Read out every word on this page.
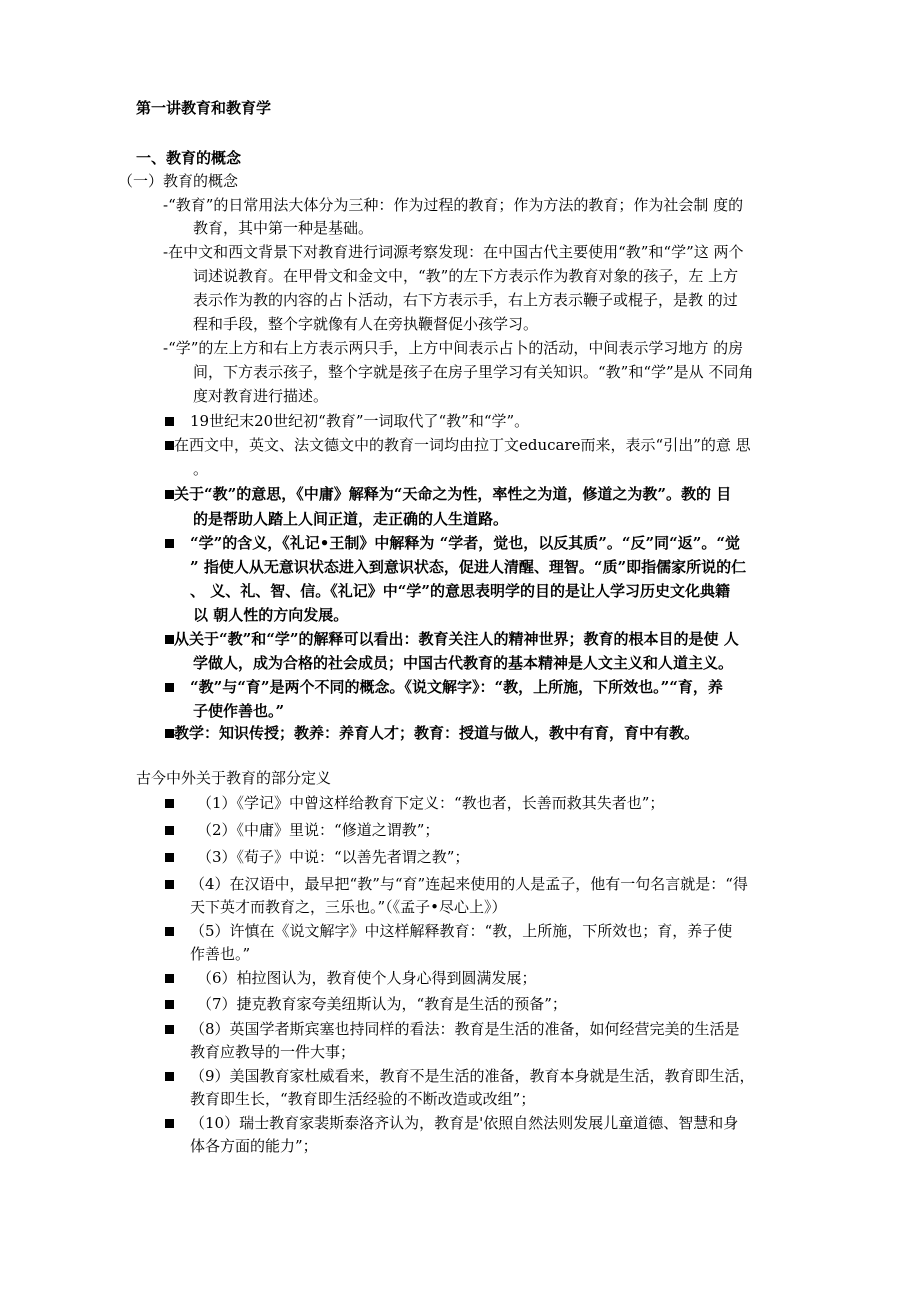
第一讲教育和教育学
一、教育的概念
（一）教育的概念
-“教育”的日常用法大体分为三种：作为过程的教育；作为方法的教育；作为社会制 度的
教育，其中第一种是基础。
-在中文和西文背景下对教育进行词源考察发现：在中国古代主要使用“教”和“学”这 两个
词述说教育。在甲骨文和金文中，“教”的左下方表示作为教育对象的孩子，左 上方
表示作为教的内容的占卜活动，右下方表示手，右上方表示鞭子或棍子，是教 的过
程和手段，整个字就像有人在旁执鞭督促小孩学习。
-“学”的左上方和右上方表示两只手，上方中间表示占卜的活动，中间表示学习地方 的房
间，下方表示孩子，整个字就是孩子在房子里学习有关知识。“教”和“学”是从 不同角
度对教育进行描述。
19世纪末20世纪初“教育”一词取代了“教”和“学”。
在西文中，英文、法文德文中的教育一词均由拉丁文educare而来，表示“引出”的意 思
。
关于“教”的意思，《中庸》解释为“天命之为性，率性之为道，修道之为教”。教的 目
的是帮助人踏上人间正道，走正确的人生道路。
“学”的含义，《礼记•王制》中解释为 “学者，觉也，以反其质”。“反”同“返”。“觉
” 指使人从无意识状态进入到意识状态，促进人清醒、理智。“质”即指儒家所说的仁
、 义、礼、智、信。《礼记》中“学”的意思表明学的目的是让人学习历史文化典籍
以 朝人性的方向发展。
从关于“教”和“学”的解释可以看出：教育关注人的精神世界；教育的根本目的是使 人
学做人，成为合格的社会成员；中国古代教育的基本精神是人文主义和人道主义。
“教”与“育”是两个不同的概念。《说文解字》：“教，上所施，下所效也。”“育，养
子使作善也。”
教学：知识传授；教养：养育人才；教育：授道与做人，教中有育，育中有教。
古今中外关于教育的部分定义
（1）《学记》中曾这样给教育下定义：“教也者，长善而救其失者也”；
（2）《中庸》里说：“修道之谓教”；
（3）《荀子》中说：“以善先者谓之教”；
（4）在汉语中，最早把“教”与“育”连起来使用的人是孟子，他有一句名言就是：“得
天下英才而教育之，三乐也。”（《孟子•尽心上》）
（5）许慎在《说文解字》中这样解释教育：“教，上所施，下所效也；育，养子使
作善也。”
（6）柏拉图认为，教育使个人身心得到圆满发展；
（7）捷克教育家夸美纽斯认为，“教育是生活的预备”；
（8）英国学者斯宾塞也持同样的看法：教育是生活的准备，如何经营完美的生活是
教育应教导的一件大事；
（9）美国教育家杜威看来，教育不是生活的准备，教育本身就是生活，教育即生活，
教育即生长，“教育即生活经验的不断改造或改组”；
（10）瑞士教育家裴斯泰洛齐认为，教育是'依照自然法则发展儿童道德、智慧和身
体各方面的能力”；
